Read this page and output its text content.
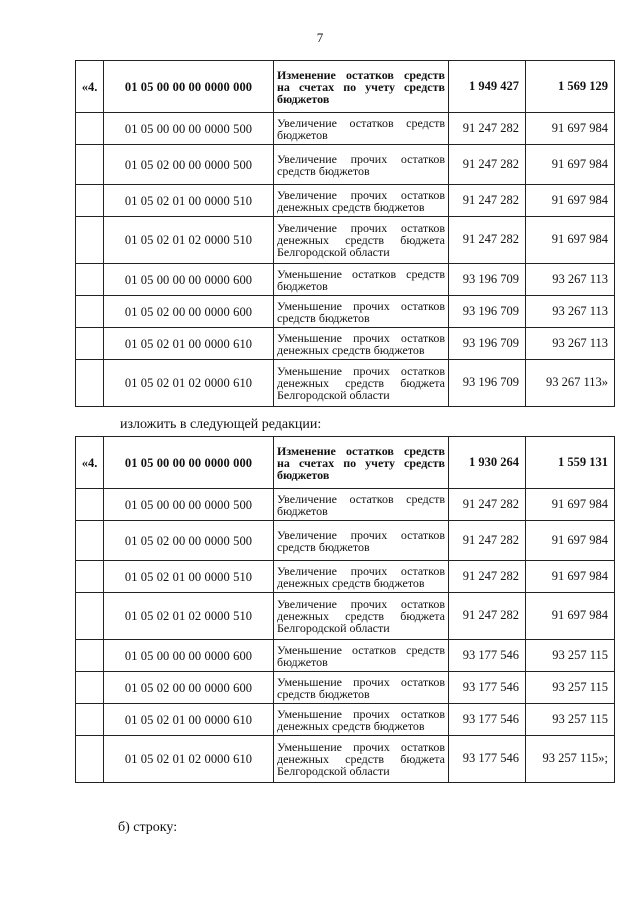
7
«4.	01 05 00 00 00 0000 000	Изменение остатков средств на счетах по учету средств бюджетов	1 949 427	1 569 129
	01 05 00 00 00 0000 500	Увеличение остатков средств бюджетов	91 247 282	91 697 984
	01 05 02 00 00 0000 500	Увеличение прочих остатков средств бюджетов	91 247 282	91 697 984
	01 05 02 01 00 0000 510	Увеличение прочих остатков денежных средств бюджетов	91 247 282	91 697 984
	01 05 02 01 02 0000 510	Увеличение прочих остатков денежных средств бюджета Белгородской области	91 247 282	91 697 984
	01 05 00 00 00 0000 600	Уменьшение остатков средств бюджетов	93 196 709	93 267 113
	01 05 02 00 00 0000 600	Уменьшение прочих остатков средств бюджетов	93 196 709	93 267 113
	01 05 02 01 00 0000 610	Уменьшение прочих остатков денежных средств бюджетов	93 196 709	93 267 113
	01 05 02 01 02 0000 610	Уменьшение прочих остатков денежных средств бюджета Белгородской области	93 196 709	93 267 113»
изложить в следующей редакции:
«4.	01 05 00 00 00 0000 000	Изменение остатков средств на счетах по учету средств бюджетов	1 930 264	1 559 131
	01 05 00 00 00 0000 500	Увеличение остатков средств бюджетов	91 247 282	91 697 984
	01 05 02 00 00 0000 500	Увеличение прочих остатков средств бюджетов	91 247 282	91 697 984
	01 05 02 01 00 0000 510	Увеличение прочих остатков денежных средств бюджетов	91 247 282	91 697 984
	01 05 02 01 02 0000 510	Увеличение прочих остатков денежных средств бюджета Белгородской области	91 247 282	91 697 984
	01 05 00 00 00 0000 600	Уменьшение остатков средств бюджетов	93 177 546	93 257 115
	01 05 02 00 00 0000 600	Уменьшение прочих остатков средств бюджетов	93 177 546	93 257 115
	01 05 02 01 00 0000 610	Уменьшение прочих остатков денежных средств бюджетов	93 177 546	93 257 115
	01 05 02 01 02 0000 610	Уменьшение прочих остатков денежных средств бюджета Белгородской области	93 177 546	93 257 115»;
б) строку:
